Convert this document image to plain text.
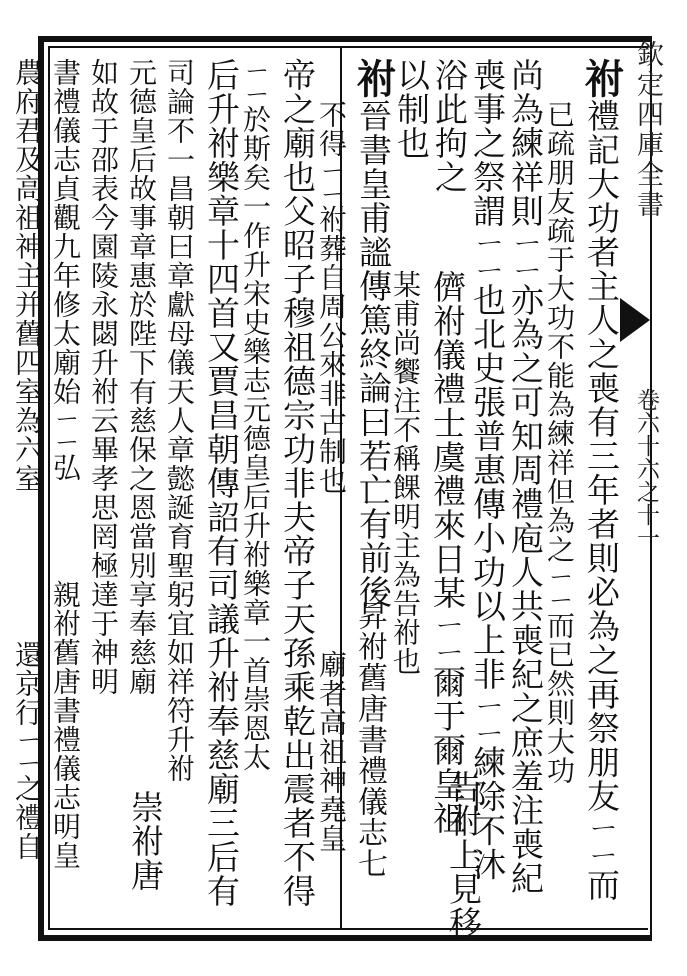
欽定四庫全書
卷六十六之十一
祔禮記大功者主人之喪有三年者則必為之再祭朋友ㄧㄧ而
已疏朋友疏于大功不能為練祥但為之ㄧㄧ而已然則大功
尚為練祥則ㄧㄧ亦為之可知周禮庖人共喪紀之庶羞注喪紀
喪事之祭謂ㄧㄧ也北史張普惠傳小功以上非ㄧㄧ練除不沐
浴此拘之
以制也
儕祔儀禮士虞禮來日某ㄧㄧ爾于爾皇祖
某甫尚饗注不稱餜明主為告祔也
告祔上見移
祔晉書皇甫謐傳篤終論曰若亡有前後
不得ㄧㄧ祔葬自周公來非古制也
昇祔舊唐書禮儀志七
廟者高祖神堯皇
帝之廟也父昭子穆祖德宗功非夫帝子天孫乘乾出震者不得
ㄧㄧ於斯矣一作升宋史樂志元德皇后升祔樂章一首崇恩太
后升祔樂章十四首又賈昌朝傳詔有司議升祔奉慈廟三后有
司論不一昌朝曰章獻母儀天人章懿誕育聖躬宜如祥符升祔
元德皇后故事章惠於陛下有慈保之恩當別享奉慈廟
如故于邵表今園陵永閟升祔云畢孝思罔極達于神明
崇祔唐
書禮儀志貞觀九年修太廟始ㄧㄧ弘
農府君及高祖神主并舊四室為六室
親祔舊唐書禮儀志明皇
還京行ㄧㄧ之禮自
